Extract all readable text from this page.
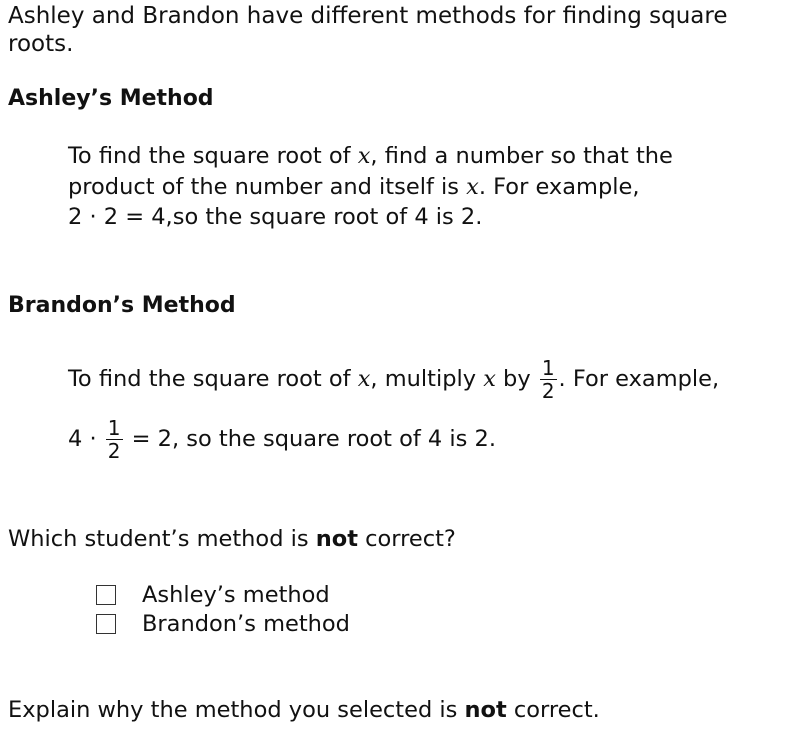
Ashley and Brandon have different methods for finding square
roots.
Ashley’s Method
To find the square root of x, find a number so that the
product of the number and itself is x. For example,
2 · 2 = 4,so the square root of 4 is 2.
Brandon’s Method
To find the square root of x, multiply x by $\frac{1}{2}$ . For example,
$4 \cdot \frac{1}{2} = 2$, so the square root of 4 is 2.
Which student’s method is not correct?
Ashley’s method
Brandon’s method
Explain why the method you selected is not correct.
